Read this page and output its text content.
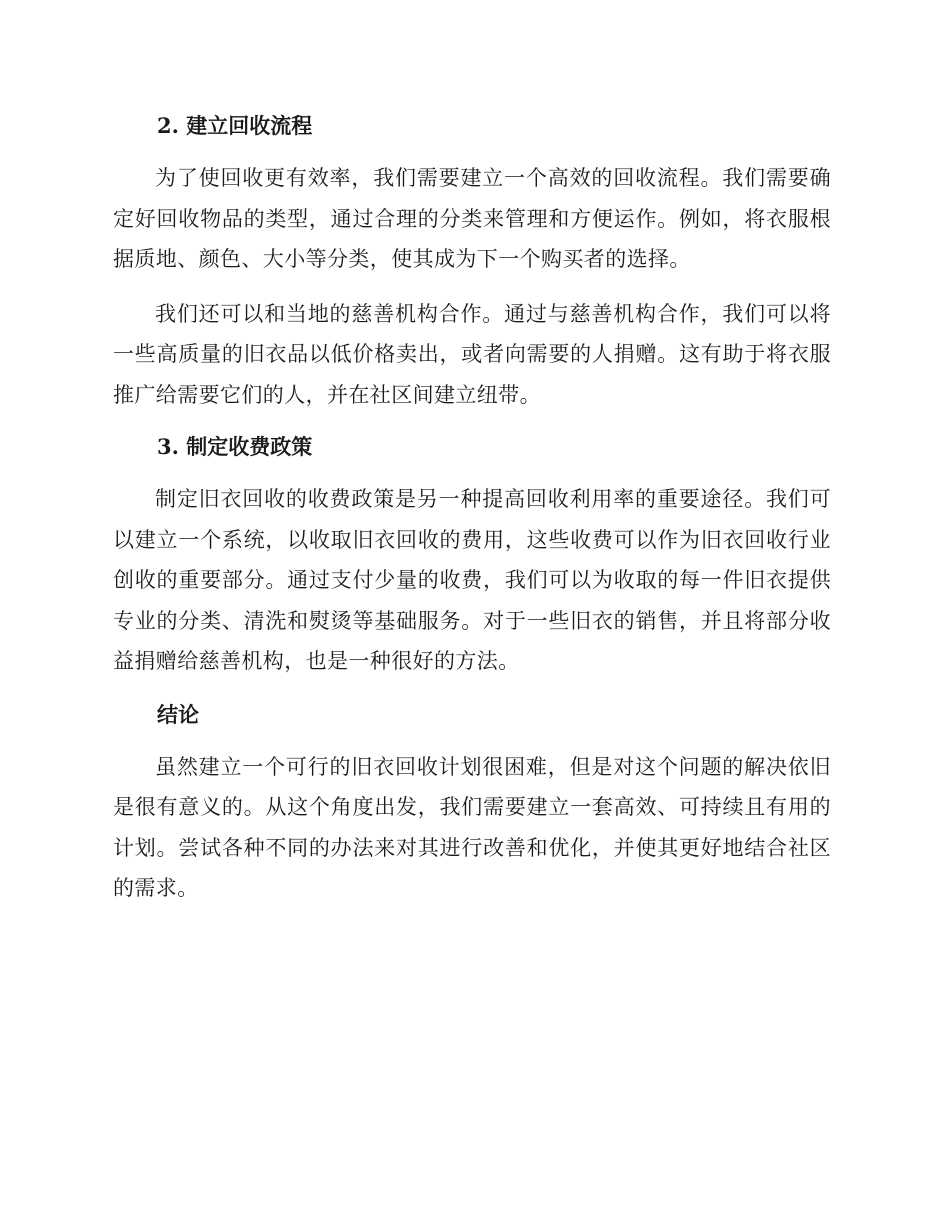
2. 建立回收流程

为了使回收更有效率，我们需要建立一个高效的回收流程。我们需要确定好回收物品的类型，通过合理的分类来管理和方便运作。例如，将衣服根据质地、颜色、大小等分类，使其成为下一个购买者的选择。

我们还可以和当地的慈善机构合作。通过与慈善机构合作，我们可以将一些高质量的旧衣品以低价格卖出，或者向需要的人捐赠。这有助于将衣服推广给需要它们的人，并在社区间建立纽带。

3. 制定收费政策

制定旧衣回收的收费政策是另一种提高回收利用率的重要途径。我们可以建立一个系统，以收取旧衣回收的费用，这些收费可以作为旧衣回收行业创收的重要部分。通过支付少量的收费，我们可以为收取的每一件旧衣提供专业的分类、清洗和熨烫等基础服务。对于一些旧衣的销售，并且将部分收益捐赠给慈善机构，也是一种很好的方法。

结论

虽然建立一个可行的旧衣回收计划很困难，但是对这个问题的解决依旧是很有意义的。从这个角度出发，我们需要建立一套高效、可持续且有用的计划。尝试各种不同的办法来对其进行改善和优化，并使其更好地结合社区的需求。
